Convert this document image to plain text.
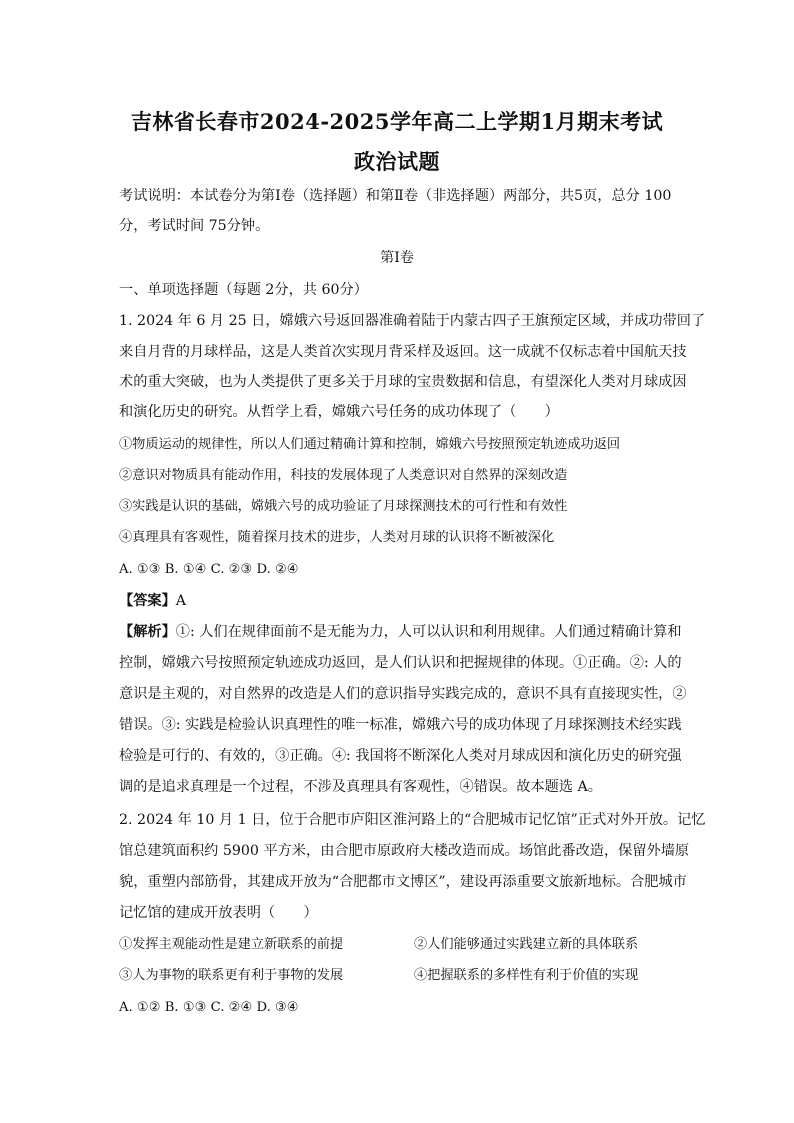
吉林省长春市2024-2025学年高二上学期1月期末考试
政治试题
考试说明：本试卷分为第Ⅰ卷（选择题）和第Ⅱ卷（非选择题）两部分，共5页，总分 100
分，考试时间 75分钟。
第Ⅰ卷
一、单项选择题（每题 2分，共 60分）
1. 2024 年 6 月 25 日，嫦娥六号返回器准确着陆于内蒙古四子王旗预定区域，并成功带回了
来自月背的月球样品，这是人类首次实现月背采样及返回。这一成就不仅标志着中国航天技
术的重大突破，也为人类提供了更多关于月球的宝贵数据和信息，有望深化人类对月球成因
和演化历史的研究。从哲学上看，嫦娥六号任务的成功体现了（　　）
①物质运动的规律性，所以人们通过精确计算和控制，嫦娥六号按照预定轨迹成功返回
②意识对物质具有能动作用，科技的发展体现了人类意识对自然界的深刻改造
③实践是认识的基础，嫦娥六号的成功验证了月球探测技术的可行性和有效性
④真理具有客观性，随着探月技术的进步，人类对月球的认识将不断被深化
A. ①③ B. ①④ C. ②③ D. ②④
【答案】A
【解析】①: 人们在规律面前不是无能为力，人可以认识和利用规律。人们通过精确计算和
控制，嫦娥六号按照预定轨迹成功返回，是人们认识和把握规律的体现。①正确。②: 人的
意识是主观的，对自然界的改造是人们的意识指导实践完成的，意识不具有直接现实性，②
错误。③: 实践是检验认识真理性的唯一标准，嫦娥六号的成功体现了月球探测技术经实践
检验是可行的、有效的，③正确。④: 我国将不断深化人类对月球成因和演化历史的研究强
调的是追求真理是一个过程，不涉及真理具有客观性，④错误。故本题选 A。
2. 2024 年 10 月 1 日，位于合肥市庐阳区淮河路上的“合肥城市记忆馆”正式对外开放。记忆
馆总建筑面积约 5900 平方米，由合肥市原政府大楼改造而成。场馆此番改造，保留外墙原
貌，重塑内部筋骨，其建成开放为“合肥都市文博区”，建设再添重要文旅新地标。合肥城市
记忆馆的建成开放表明（　　）
①发挥主观能动性是建立新联系的前提	②人们能够通过实践建立新的具体联系
③人为事物的联系更有利于事物的发展	④把握联系的多样性有利于价值的实现
A. ①② B. ①③ C. ②④ D. ③④
